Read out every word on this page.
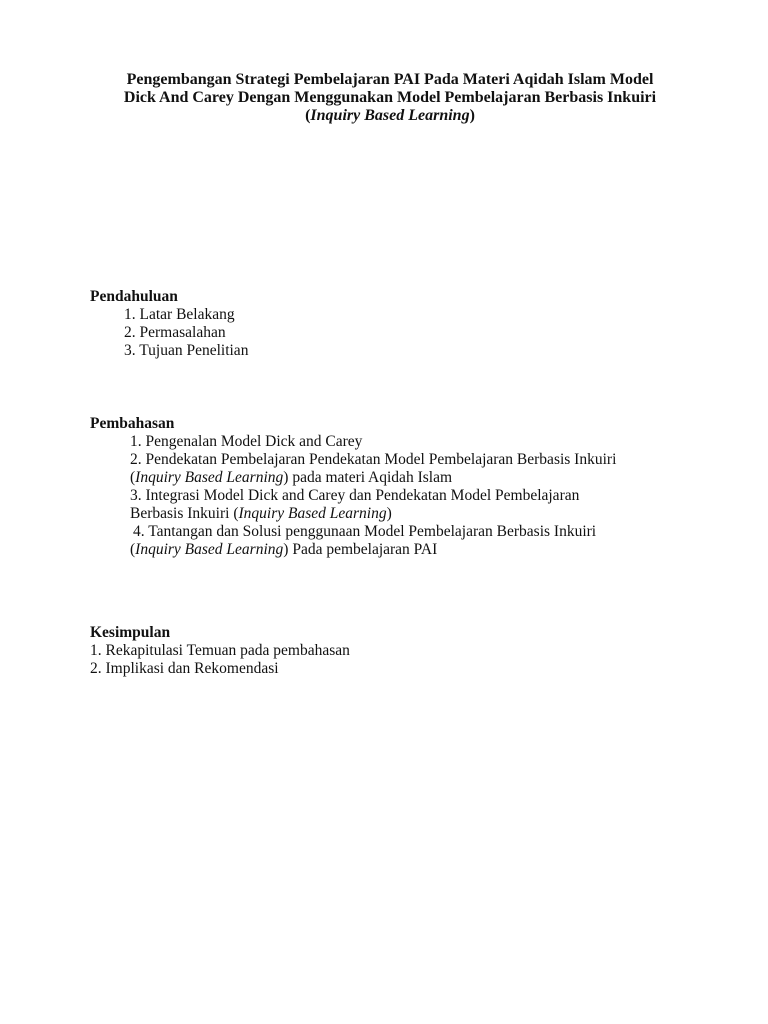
Pengembangan Strategi Pembelajaran PAI Pada Materi Aqidah Islam Model
Dick And Carey Dengan Menggunakan Model Pembelajaran Berbasis Inkuiri
(Inquiry Based Learning)
Pendahuluan
1. Latar Belakang
2. Permasalahan
3. Tujuan Penelitian
Pembahasan
1. Pengenalan Model Dick and Carey
2. Pendekatan Pembelajaran Pendekatan Model Pembelajaran Berbasis Inkuiri
(Inquiry Based Learning) pada materi Aqidah Islam
3. Integrasi Model Dick and Carey dan Pendekatan Model Pembelajaran
Berbasis Inkuiri (Inquiry Based Learning)
4. Tantangan dan Solusi penggunaan Model Pembelajaran Berbasis Inkuiri
(Inquiry Based Learning) Pada pembelajaran PAI
Kesimpulan
1. Rekapitulasi Temuan pada pembahasan
2. Implikasi dan Rekomendasi
